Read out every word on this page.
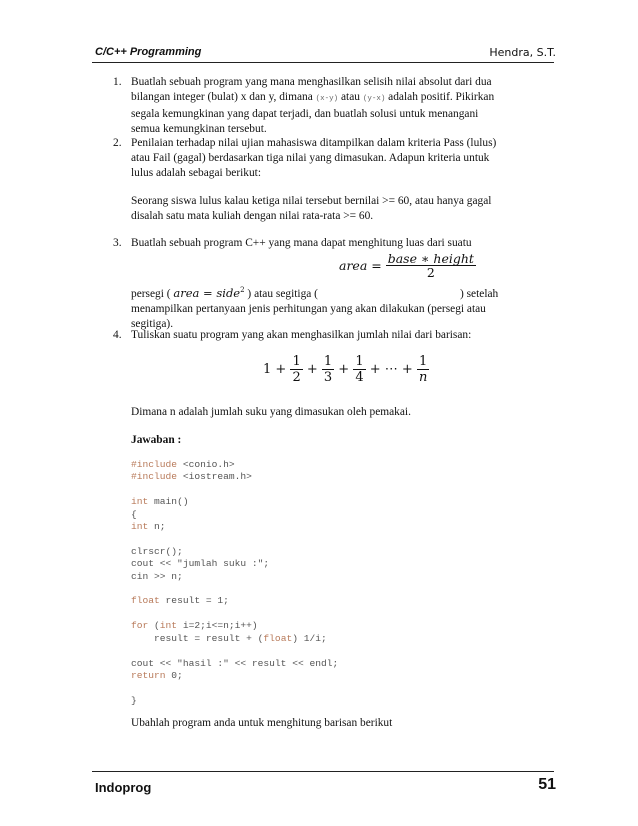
C/C++ Programming	Hendra, S.T.
1. Buatlah sebuah program yang mana menghasilkan selisih nilai absolut dari dua
bilangan integer (bulat) x dan y, dimana (x-y) atau (y-x) adalah positif. Pikirkan
segala kemungkinan yang dapat terjadi, dan buatlah solusi untuk menangani
semua kemungkinan tersebut.
2. Penilaian terhadap nilai ujian mahasiswa ditampilkan dalam kriteria Pass (lulus)
atau Fail (gagal) berdasarkan tiga nilai yang dimasukan. Adapun kriteria untuk
lulus adalah sebagai berikut:
Seorang siswa lulus kalau ketiga nilai tersebut bernilai >= 60, atau hanya gagal
disalah satu mata kuliah dengan nilai rata-rata >= 60.
3. Buatlah sebuah program C++ yang mana dapat menghitung luas dari suatu
area = $\frac{\text{base ∗ height}}{2}$
persegi ( area = side$^2$ ) atau segitiga (	) setelah
menampilkan pertanyaan jenis perhitungan yang akan dilakukan (persegi atau
segitiga).
4. Tuliskan suatu program yang akan menghasilkan jumlah nilai dari barisan:
$1 + \frac{1}{2} + \frac{1}{3} + \frac{1}{4}$ + ⋯ + $\frac{1}{n}$
Dimana n adalah jumlah suku yang dimasukan oleh pemakai.
Jawaban :
#include <conio.h>
#include <iostream.h>

int main()
{
int n;

clrscr();
cout << "jumlah suku :";
cin >> n;

float result = 1;

for (int i=2;i<=n;i++)
result = result + (float) 1/i;

cout << "hasil :" << result << endl;
return 0;

}
Ubahlah program anda untuk menghitung barisan berikut
Indoprog	51
